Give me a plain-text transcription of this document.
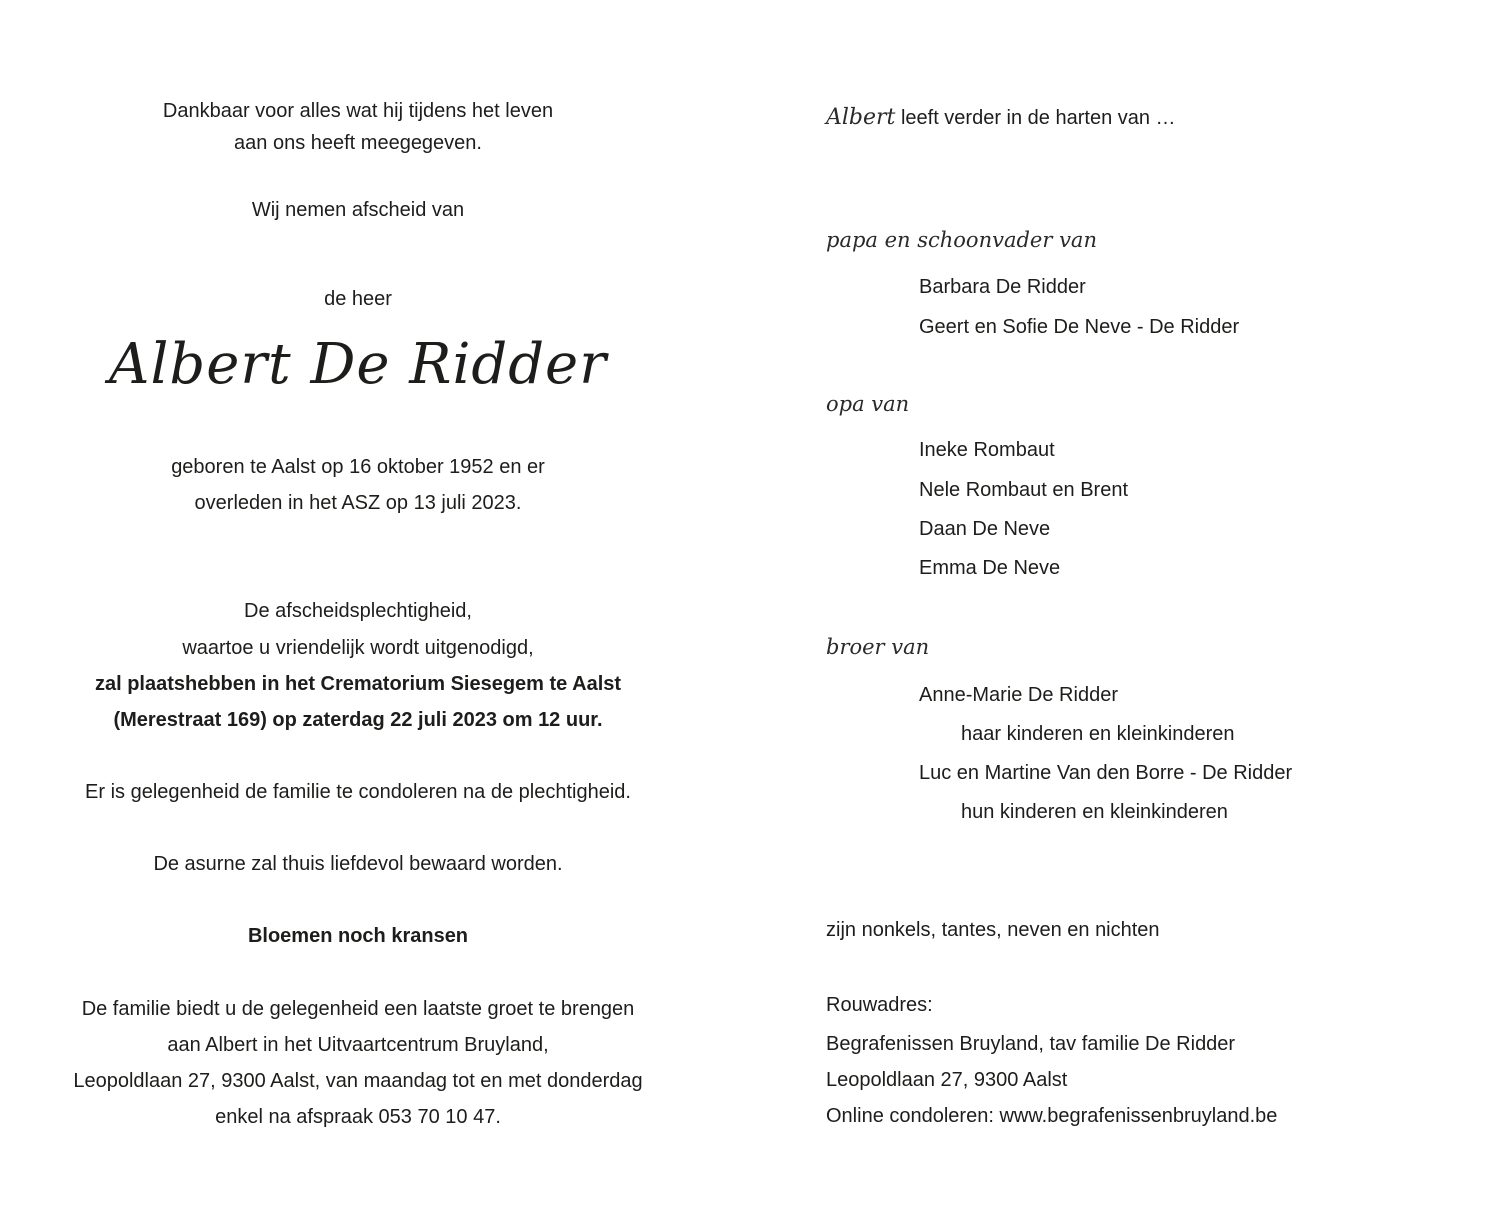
Dankbaar voor alles wat hij tijdens het leven
aan ons heeft meegegeven.
Wij nemen afscheid van
de heer
Albert De Ridder
geboren te Aalst op 16 oktober 1952 en er
overleden in het ASZ op 13 juli 2023.
De afscheidsplechtigheid,
waartoe u vriendelijk wordt uitgenodigd,
zal plaatshebben in het Crematorium Siesegem te Aalst
(Merestraat 169) op zaterdag 22 juli 2023 om 12 uur.
Er is gelegenheid de familie te condoleren na de plechtigheid.
De asurne zal thuis liefdevol bewaard worden.
Bloemen noch kransen
De familie biedt u de gelegenheid een laatste groet te brengen
aan Albert in het Uitvaartcentrum Bruyland,
Leopoldlaan 27, 9300 Aalst, van maandag tot en met donderdag
enkel na afspraak 053 70 10 47.
Albert leeft verder in de harten van …
papa en schoonvader van
Barbara De Ridder
Geert en Sofie De Neve - De Ridder
opa van
Ineke Rombaut
Nele Rombaut en Brent
Daan De Neve
Emma De Neve
broer van
Anne-Marie De Ridder
haar kinderen en kleinkinderen
Luc en Martine Van den Borre - De Ridder
hun kinderen en kleinkinderen
zijn nonkels, tantes, neven en nichten
Rouwadres:
Begrafenissen Bruyland, tav familie De Ridder
Leopoldlaan 27, 9300 Aalst
Online condoleren: www.begrafenissenbruyland.be
